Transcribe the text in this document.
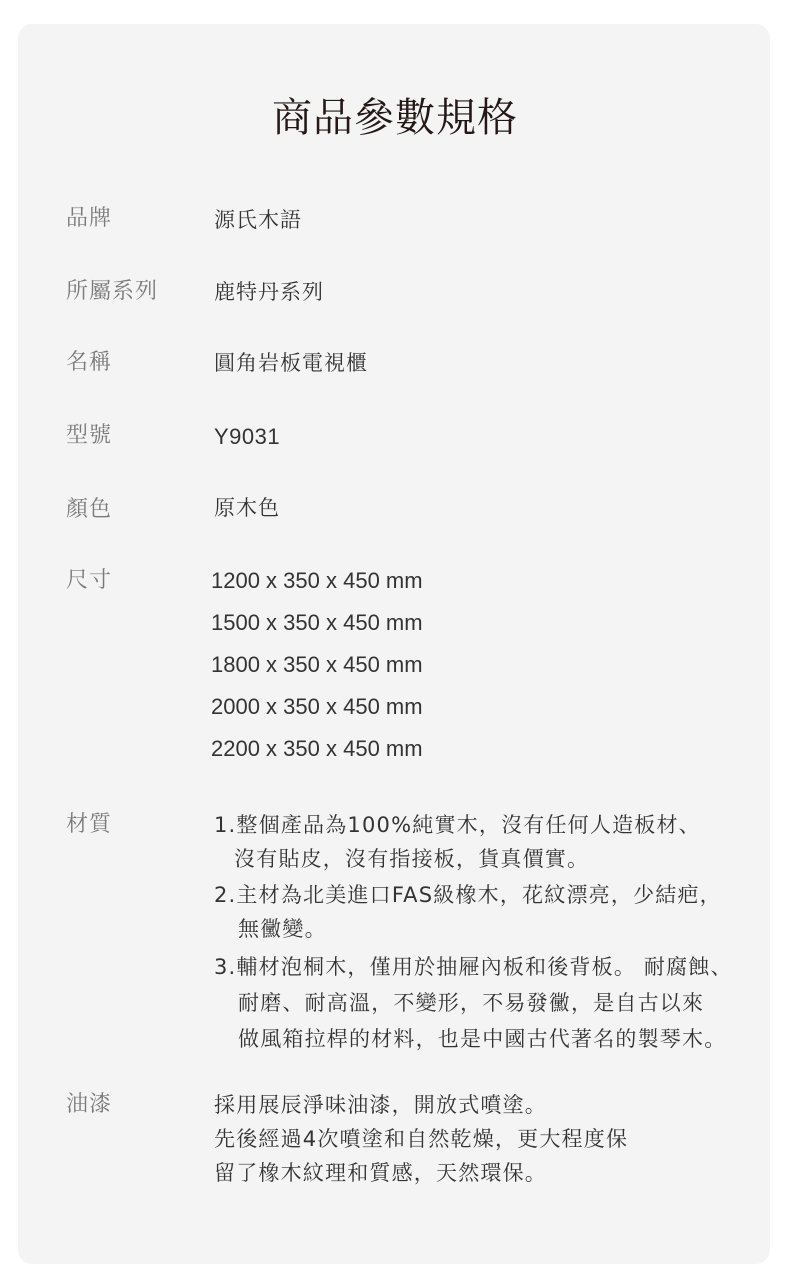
商品參數規格
品牌	源氏木語
所屬系列	鹿特丹系列
名稱	圓角岩板電視櫃
型號	Y9031
顏色	原木色
尺寸	1200 x 350 x 450 mm
1500 x 350 x 450 mm
1800 x 350 x 450 mm
2000 x 350 x 450 mm
2200 x 350 x 450 mm
材質	1.整個產品為100%純實木，沒有任何人造板材、
沒有貼皮，沒有指接板，貨真價實。
2.主材為北美進口FAS級橡木，花紋漂亮，少結疤，
無黴變。
3.輔材泡桐木，僅用於抽屜內板和後背板。 耐腐蝕、
耐磨、耐高溫，不變形，不易發黴，是自古以來
做風箱拉桿的材料，也是中國古代著名的製琴木。
油漆	採用展辰淨味油漆，開放式噴塗。
先後經過4次噴塗和自然乾燥，更大程度保
留了橡木紋理和質感，天然環保。
